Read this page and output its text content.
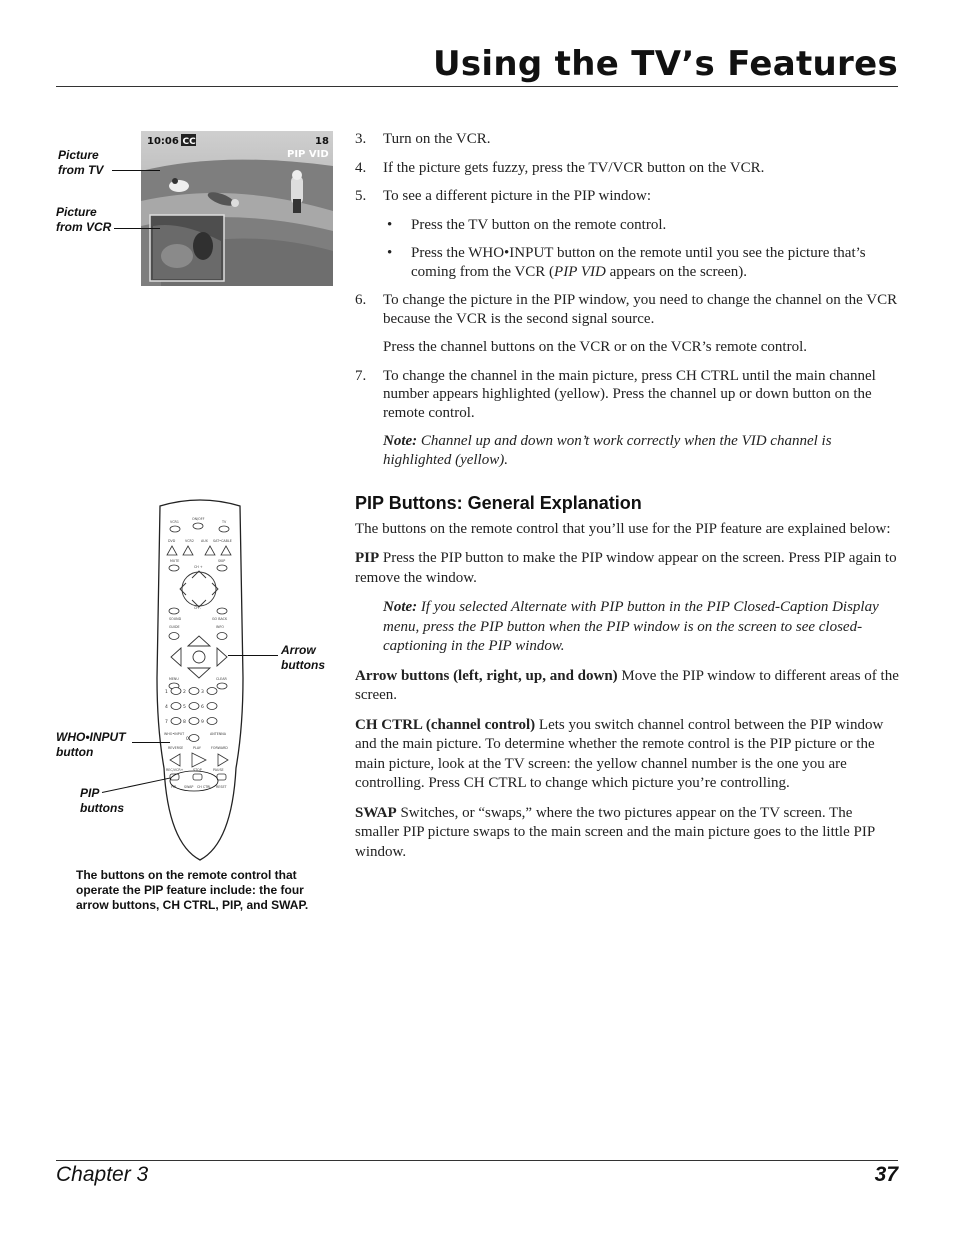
Using the TV’s Features
10:06 CC	18
PIP VID
Picture
from TV
Picture
from VCR
VCR1
ON/OFF
TV
DVD	VCR2 AUX SAT•CABLE
MUTE	SKIP
CH +
CH -
SOUND	GO BACK
GUIDE	INFO
MENU	CLEAR
WHO•INPUT	ANTENNA
REVERSE	PLAY	FORWARD
REC/VCR+	STOP	PAUSE
PIP SWAP CH CTRL RESET
1	2	3
4	5	6
7	8	9
0
Arrow
buttons
WHO•INPUT
button
PIP
buttons
The buttons on the remote control that operate the PIP feature include: the four arrow buttons, CH CTRL, PIP, and SWAP.
3. Turn on the VCR.
4. If the picture gets fuzzy, press the TV/VCR button on the VCR.
5. To see a different picture in the PIP window:
• Press the TV button on the remote control.
• Press the WHO•INPUT button on the remote until you see the picture that’s coming from the VCR (PIP VID appears on the screen).
6. To change the picture in the PIP window, you need to change the channel on the VCR because the VCR is the second signal source.
Press the channel buttons on the VCR or on the VCR’s remote control.
7. To change the channel in the main picture, press CH CTRL until the main channel number appears highlighted (yellow). Press the channel up or down button on the remote control.
Note: Channel up and down won’t work correctly when the VID channel is highlighted (yellow).
PIP Buttons: General Explanation

The buttons on the remote control that you’ll use for the PIP feature are explained below:

PIP Press the PIP button to make the PIP window appear on the screen. Press PIP again to remove the window.

Note: If you selected Alternate with PIP button in the PIP Closed-Caption Display menu, press the PIP button when the PIP window is on the screen to see closed-captioning in the PIP window.

Arrow buttons (left, right, up, and down) Move the PIP window to different areas of the screen.

CH CTRL (channel control) Lets you switch channel control between the PIP window and the main picture. To determine whether the remote control is the PIP picture or the main picture, look at the TV screen: the yellow channel number is the one you are controlling. Press CH CTRL to change which picture you’re controlling.

SWAP Switches, or “swaps,” where the two pictures appear on the TV screen. The smaller PIP picture swaps to the main screen and the main picture goes to the little PIP window.

Chapter 3	37
